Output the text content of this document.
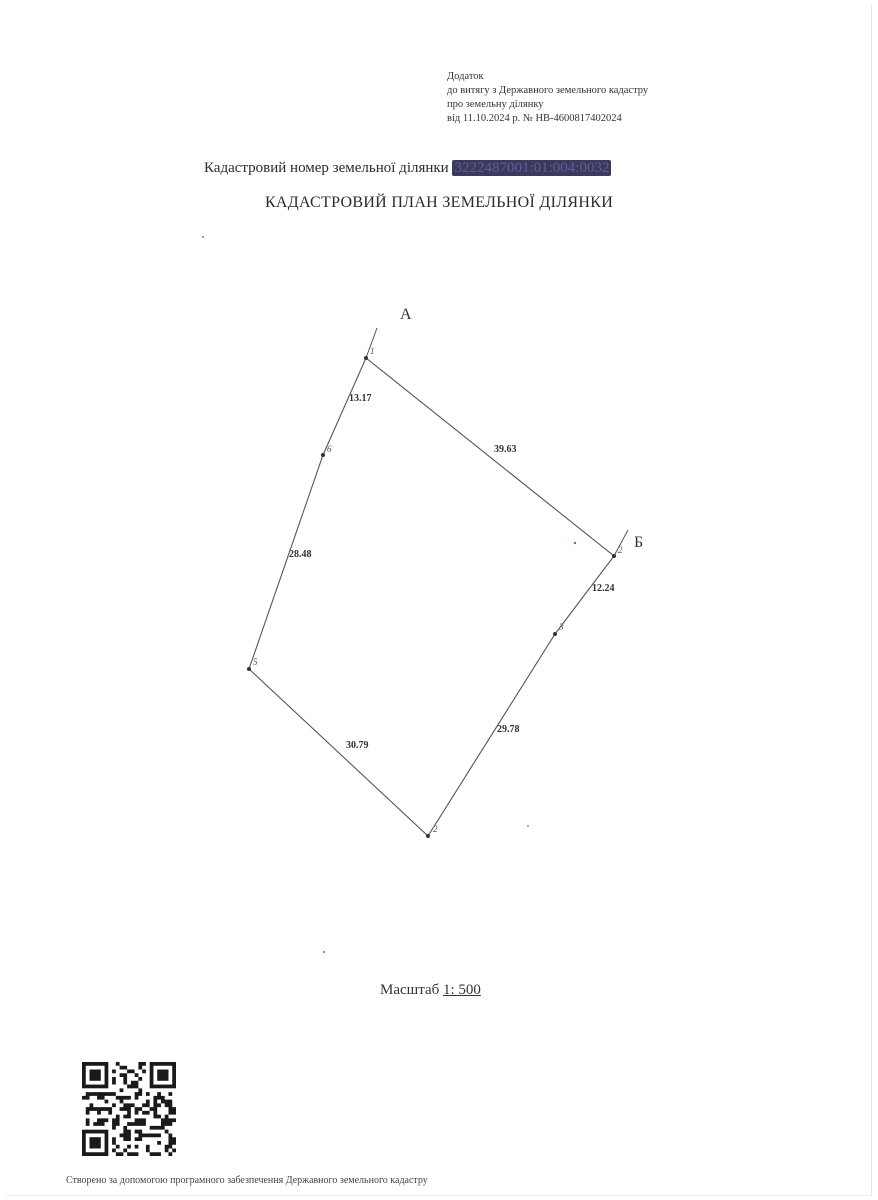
Додаток
до витягу з Державного земельного кадастру
про земельну ділянку
від 11.10.2024 р. № НВ-4600817402024
Кадастровий номер земельної ділянки 3222487001:01:004:0032
КАДАСТРОВИЙ ПЛАН ЗЕМЕЛЬНОЇ ДІЛЯНКИ
А
Б
1
2
3
2
5
6	39.63
12.24
29.78
30.79
28.48
13.17
Масштаб 1: 500
Створено за допомогою програмного забезпечення Державного земельного кадастру
